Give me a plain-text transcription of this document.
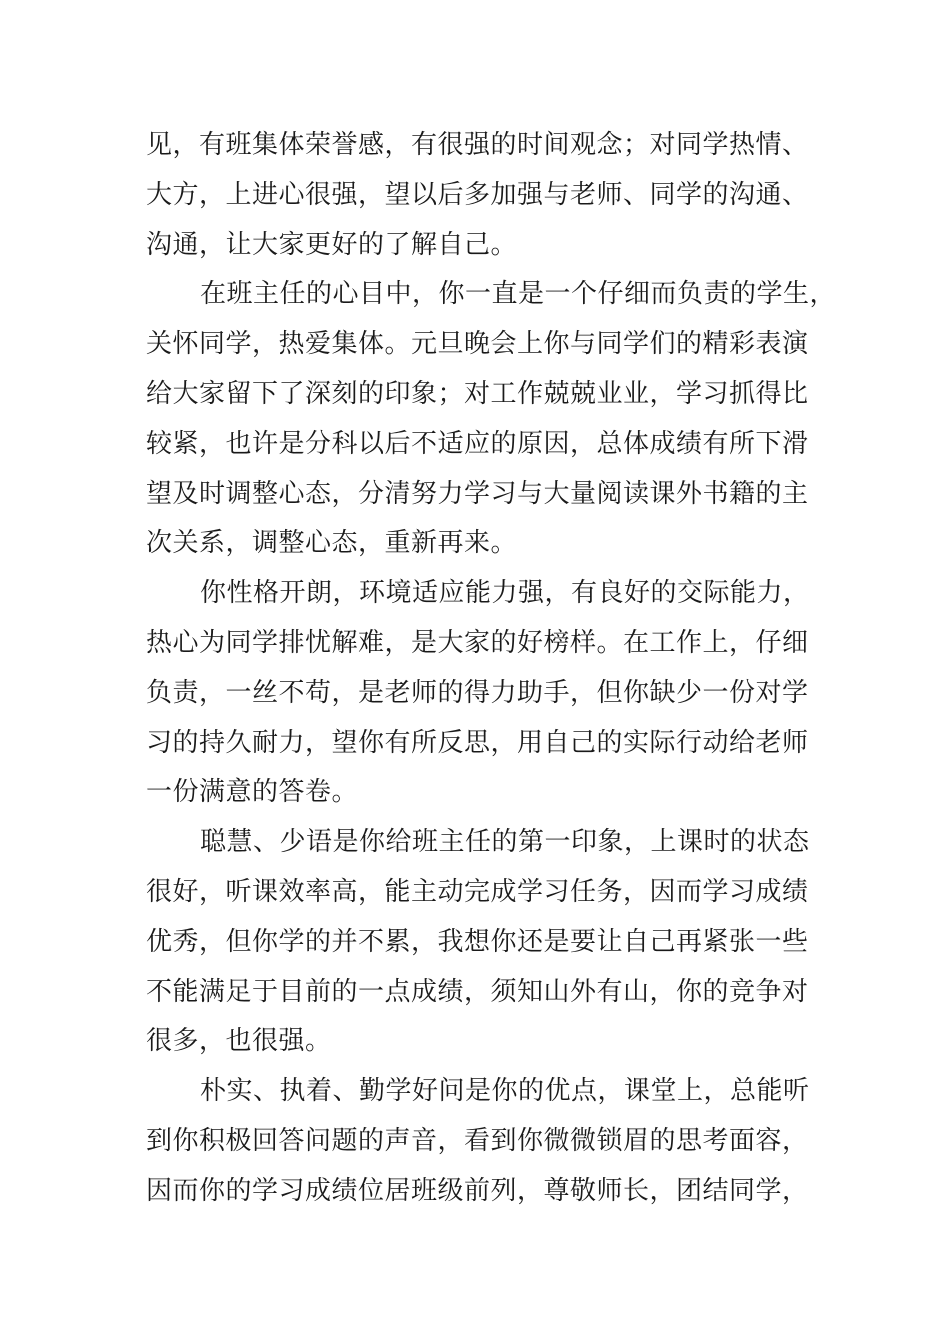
见，有班集体荣誉感，有很强的时间观念；对同学热情、
大方，上进心很强，望以后多加强与老师、同学的沟通、
沟通，让大家更好的了解自己。
在班主任的心目中，你一直是一个仔细而负责的学生，
关怀同学，热爱集体。元旦晚会上你与同学们的精彩表演
给大家留下了深刻的印象；对工作兢兢业业，学习抓得比
较紧，也许是分科以后不适应的原因，总体成绩有所下滑
望及时调整心态，分清努力学习与大量阅读课外书籍的主
次关系，调整心态，重新再来。
你性格开朗，环境适应能力强，有良好的交际能力，
热心为同学排忧解难，是大家的好榜样。在工作上，仔细
负责，一丝不苟，是老师的得力助手，但你缺少一份对学
习的持久耐力，望你有所反思，用自己的实际行动给老师
一份满意的答卷。
聪慧、少语是你给班主任的第一印象，上课时的状态
很好，听课效率高，能主动完成学习任务，因而学习成绩
优秀，但你学的并不累，我想你还是要让自己再紧张一些
不能满足于目前的一点成绩，须知山外有山，你的竞争对
很多，也很强。
朴实、执着、勤学好问是你的优点，课堂上，总能听
到你积极回答问题的声音，看到你微微锁眉的思考面容，
因而你的学习成绩位居班级前列，尊敬师长，团结同学，
